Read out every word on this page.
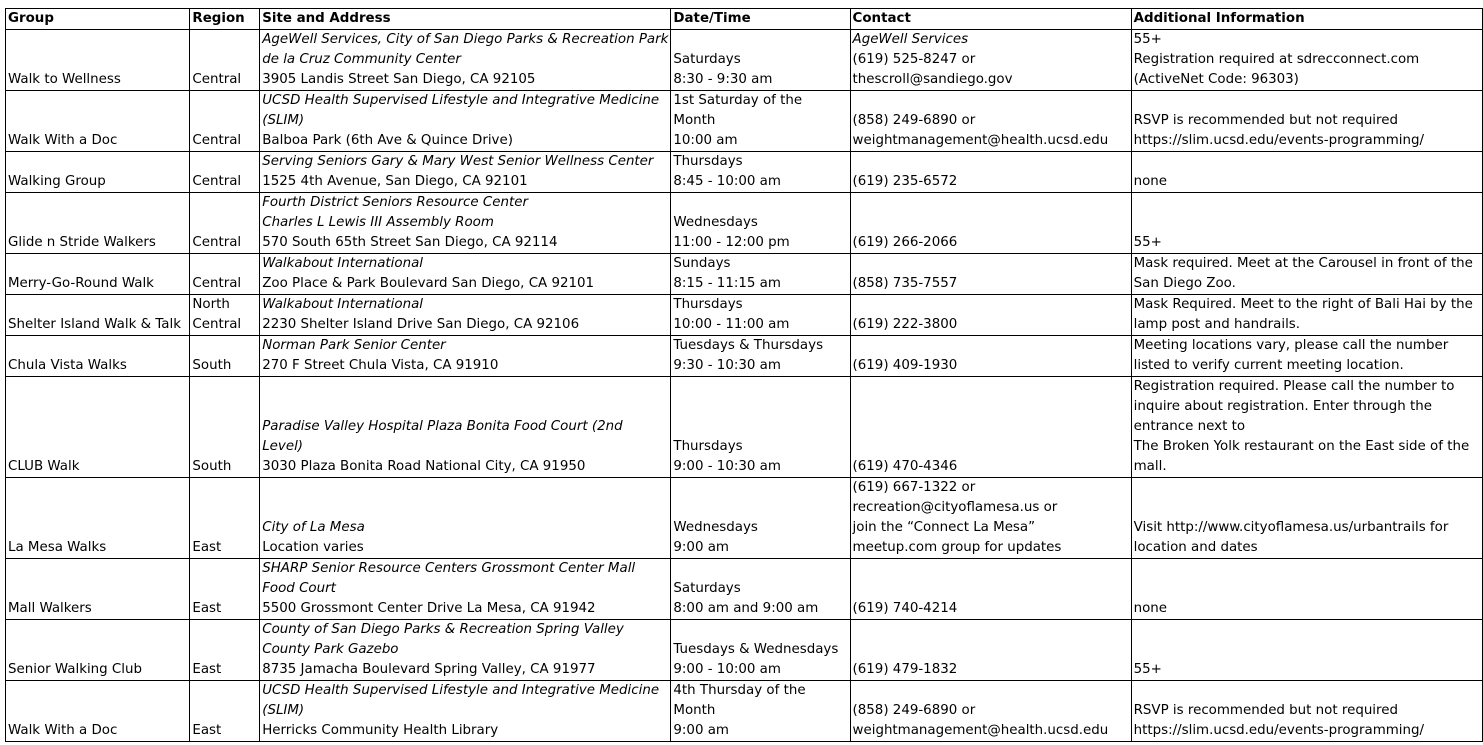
Group	Region	Site and Address	Date/Time	Contact	Additional Information
Walk to Wellness	Central	AgeWell Services, City of San Diego Parks & Recreation Park
de la Cruz Community Center
3905 Landis Street San Diego, CA 92105	Saturdays
8:30 - 9:30 am	AgeWell Services
(619) 525-8247 or
thescroll@sandiego.gov	55+
Registration required at sdrecconnect.com
(ActiveNet Code: 96303)

Walk With a Doc	Central	UCSD Health Supervised Lifestyle and Integrative Medicine
(SLIM)
Balboa Park (6th Ave & Quince Drive)	1st Saturday of the
Month
10:00 am	(858) 249-6890 or
weightmanagement@health.ucsd.edu	RSVP is recommended but not required
https://slim.ucsd.edu/events-programming/

Walking Group	Central	Serving Seniors Gary & Mary West Senior Wellness Center
1525 4th Avenue, San Diego, CA 92101	Thursdays
8:45 - 10:00 am	(619) 235-6572	none

Glide n Stride Walkers	Central	Fourth District Seniors Resource Center
Charles L Lewis III Assembly Room
570 South 65th Street San Diego, CA 92114	Wednesdays
11:00 - 12:00 pm	(619) 266-2066	55+

Merry-Go-Round Walk	Central	Walkabout International
Zoo Place & Park Boulevard San Diego, CA 92101	Sundays
8:15 - 11:15 am	(858) 735-7557	Mask required. Meet at the Carousel in front of the
San Diego Zoo.

Shelter Island Walk & Talk	North
Central	Walkabout International
2230 Shelter Island Drive San Diego, CA 92106	Thursdays
10:00 - 11:00 am	(619) 222-3800	Mask Required. Meet to the right of Bali Hai by the
lamp post and handrails.

Chula Vista Walks	South	Norman Park Senior Center
270 F Street Chula Vista, CA 91910	Tuesdays & Thursdays
9:30 - 10:30 am	(619) 409-1930	Meeting locations vary, please call the number
listed to verify current meeting location.

CLUB Walk	South	Paradise Valley Hospital Plaza Bonita Food Court (2nd
Level)
3030 Plaza Bonita Road National City, CA 91950	Thursdays
9:00 - 10:30 am	(619) 470-4346	Registration required. Please call the number to
inquire about registration. Enter through the
entrance next to
The Broken Yolk restaurant on the East side of the
mall.

La Mesa Walks	East	City of La Mesa
Location varies	Wednesdays
9:00 am	(619) 667-1322 or
recreation@cityoflamesa.us or
join the “Connect La Mesa”
meetup.com group for updates	Visit http://www.cityoflamesa.us/urbantrails for
location and dates

Mall Walkers	East	SHARP Senior Resource Centers Grossmont Center Mall
Food Court
5500 Grossmont Center Drive La Mesa, CA 91942	Saturdays
8:00 am and 9:00 am	(619) 740-4214	none

Senior Walking Club	East	County of San Diego Parks & Recreation Spring Valley
County Park Gazebo
8735 Jamacha Boulevard Spring Valley, CA 91977	Tuesdays & Wednesdays
9:00 - 10:00 am	(619) 479-1832	55+

Walk With a Doc	East	UCSD Health Supervised Lifestyle and Integrative Medicine
(SLIM)
Herricks Community Health Library	4th Thursday of the
Month
9:00 am	(858) 249-6890 or
weightmanagement@health.ucsd.edu	RSVP is recommended but not required
https://slim.ucsd.edu/events-programming/
